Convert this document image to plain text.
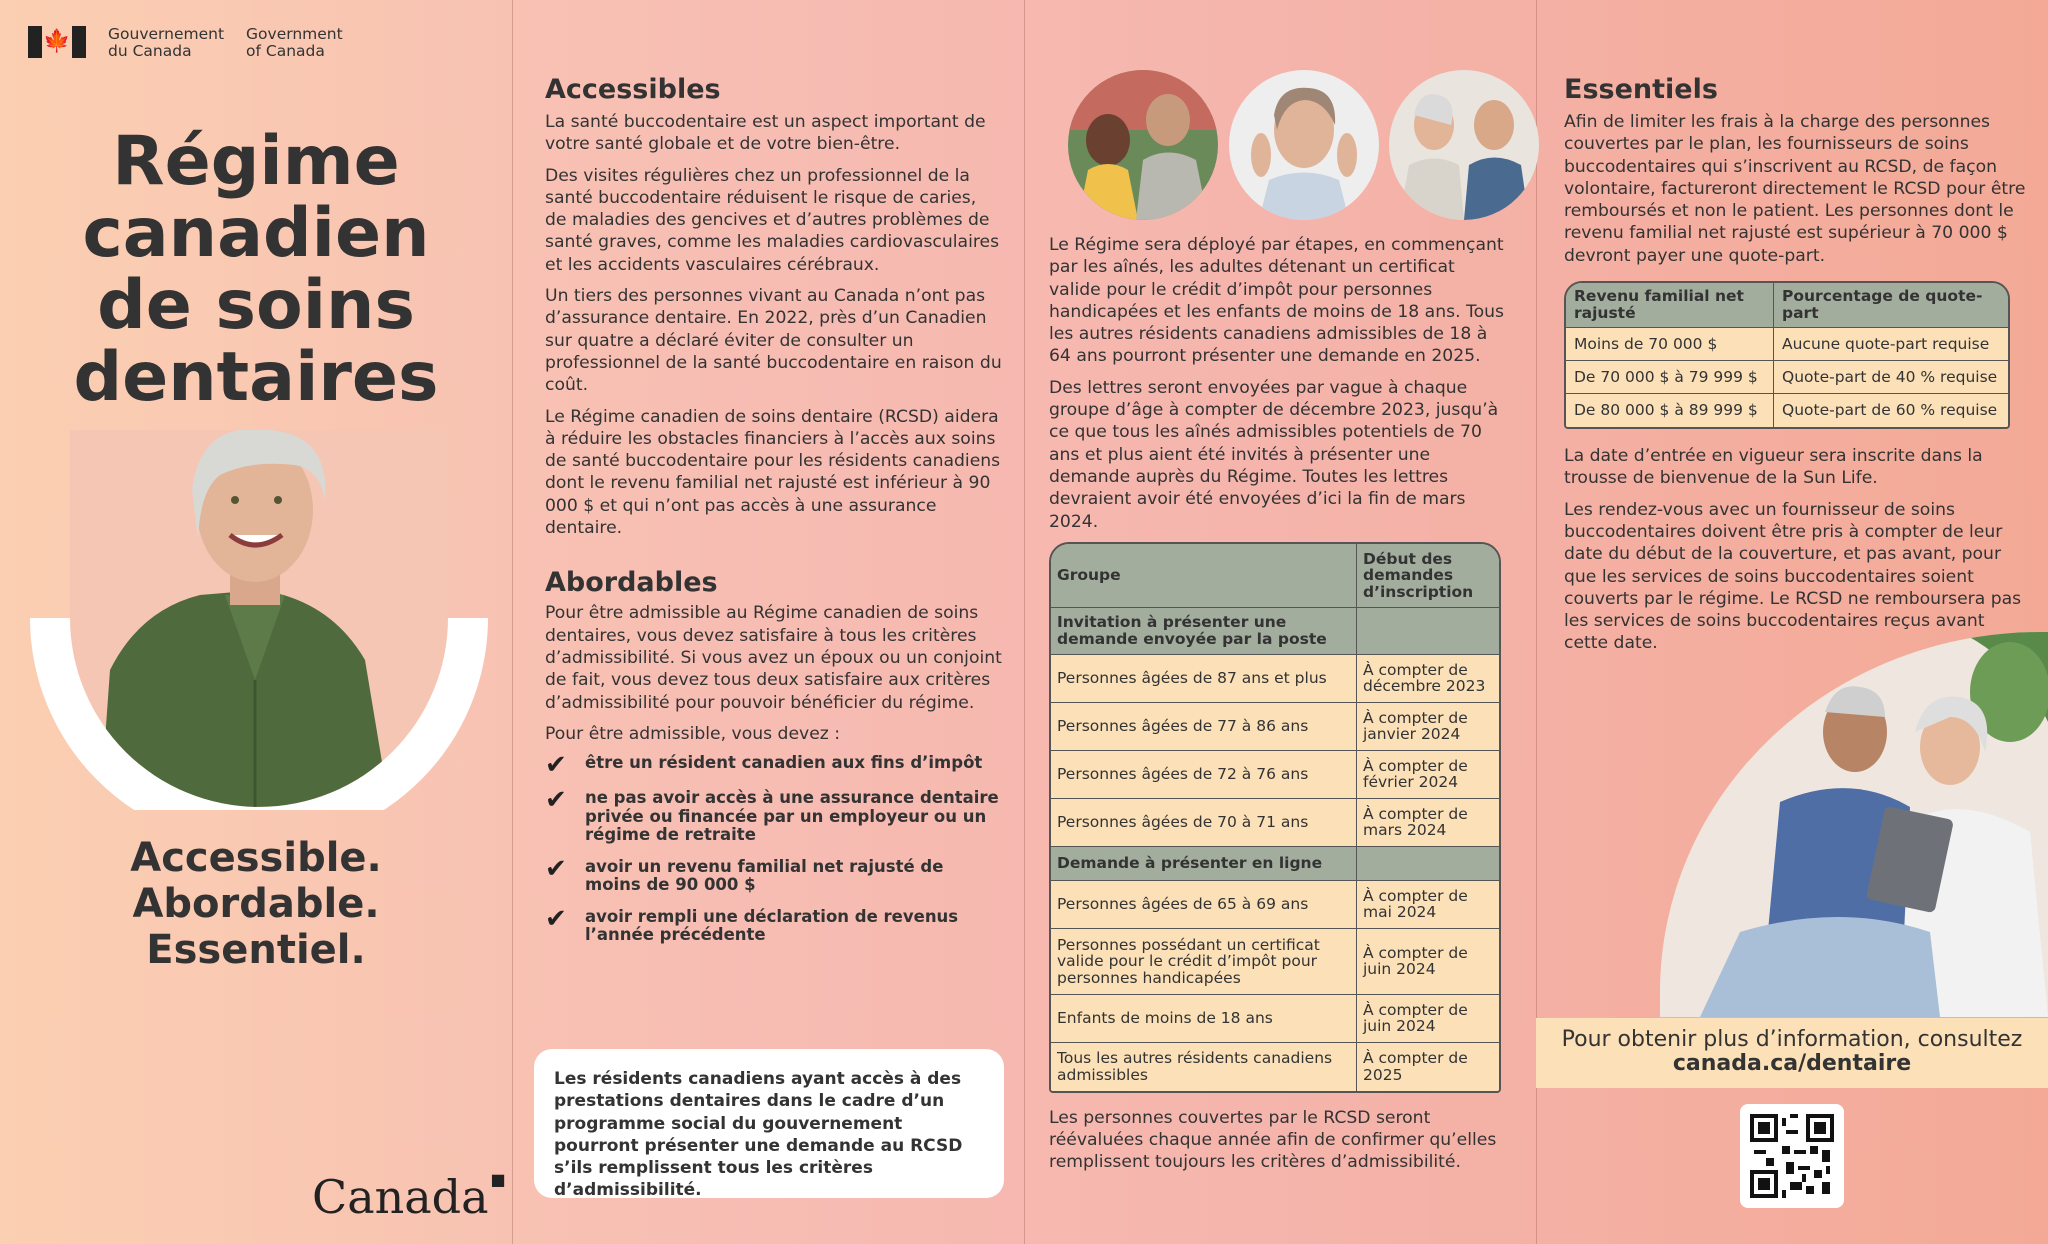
🍁 Gouvernement
du Canada
Government
of Canada
Régime
canadien
de soins
dentaires
Accessible.
Abordable.
Essentiel.
Canada ■
Accessibles

La santé buccodentaire est un aspect important de votre santé globale et de votre bien-être.

Des visites régulières chez un professionnel de la santé buccodentaire réduisent le risque de caries, de maladies des gencives et d’autres problèmes de santé graves, comme les maladies cardiovasculaires et les accidents vasculaires cérébraux.

Un tiers des personnes vivant au Canada n’ont pas d’assurance dentaire. En 2022, près d’un Canadien sur quatre a déclaré éviter de consulter un professionnel de la santé buccodentaire en raison du coût.

Le Régime canadien de soins dentaire (RCSD) aidera à réduire les obstacles financiers à l’accès aux soins de santé buccodentaire pour les résidents canadiens dont le revenu familial net rajusté est inférieur à 90 000 $ et qui n’ont pas accès à une assurance dentaire.

Abordables

Pour être admissible au Régime canadien de soins dentaires, vous devez satisfaire à tous les critères d’admissibilité. Si vous avez un époux ou un conjoint de fait, vous devez tous deux satisfaire aux critères d’admissibilité pour pouvoir bénéficier du régime.

Pour être admissible, vous devez :

✔ être un résident canadien aux fins d’impôt
✔ ne pas avoir accès à une assurance dentaire privée ou financée par un employeur ou un régime de retraite
✔ avoir un revenu familial net rajusté de moins de 90 000 $
✔ avoir rempli une déclaration de revenus l’année précédente
Les résidents canadiens ayant accès à des prestations dentaires dans le cadre d’un programme social du gouvernement pourront présenter une demande au RCSD s’ils remplissent tous les critères d’admissibilité.

Le Régime sera déployé par étapes, en commençant par les aînés, les adultes détenant un certificat valide pour le crédit d’impôt pour personnes handicapées et les enfants de moins de 18 ans. Tous les autres résidents canadiens admissibles de 18 à 64 ans pourront présenter une demande en 2025.

Des lettres seront envoyées par vague à chaque groupe d’âge à compter de décembre 2023, jusqu’à ce que tous les aînés admissibles potentiels de 70 ans et plus aient été invités à présenter une demande auprès du Régime. Toutes les lettres devraient avoir été envoyées d’ici la fin de mars 2024.

Groupe	Début des demandes d’inscription
Invitation à présenter une demande envoyée par la poste	
Personnes âgées de 87 ans et plus	À compter de décembre 2023
Personnes âgées de 77 à 86 ans	À compter de janvier 2024
Personnes âgées de 72 à 76 ans	À compter de février 2024
Personnes âgées de 70 à 71 ans	À compter de mars 2024
Demande à présenter en ligne	
Personnes âgées de 65 à 69 ans	À compter de mai 2024
Personnes possédant un certificat valide pour le crédit d’impôt pour personnes handicapées	À compter de juin 2024
Enfants de moins de 18 ans	À compter de juin 2024
Tous les autres résidents canadiens admissibles	À compter de 2025
Les personnes couvertes par le RCSD seront réévaluées chaque année afin de confirmer qu’elles remplissent toujours les critères d’admissibilité.
Essentiels
Afin de limiter les frais à la charge des personnes couvertes par le plan, les fournisseurs de soins buccodentaires qui s’inscrivent au RCSD, de façon volontaire, factureront directement le RCSD pour être remboursés et non le patient. Les personnes dont le revenu familial net rajusté est supérieur à 70 000 $ devront payer une quote-part.
Revenu familial net rajusté	Pourcentage de quote-part
Moins de 70 000 $	Aucune quote-part requise
De 70 000 $ à 79 999 $	Quote-part de 40 % requise
De 80 000 $ à 89 999 $	Quote-part de 60 % requise

La date d’entrée en vigueur sera inscrite dans la trousse de bienvenue de la Sun Life.

Les rendez-vous avec un fournisseur de soins buccodentaires doivent être pris à compter de leur date du début de la couverture, et pas avant, pour que les services de soins buccodentaires soient couverts par le régime. Le RCSD ne remboursera pas les services de soins buccodentaires reçus avant cette date.

Pour obtenir plus d’information, consultez
canada.ca/dentaire
